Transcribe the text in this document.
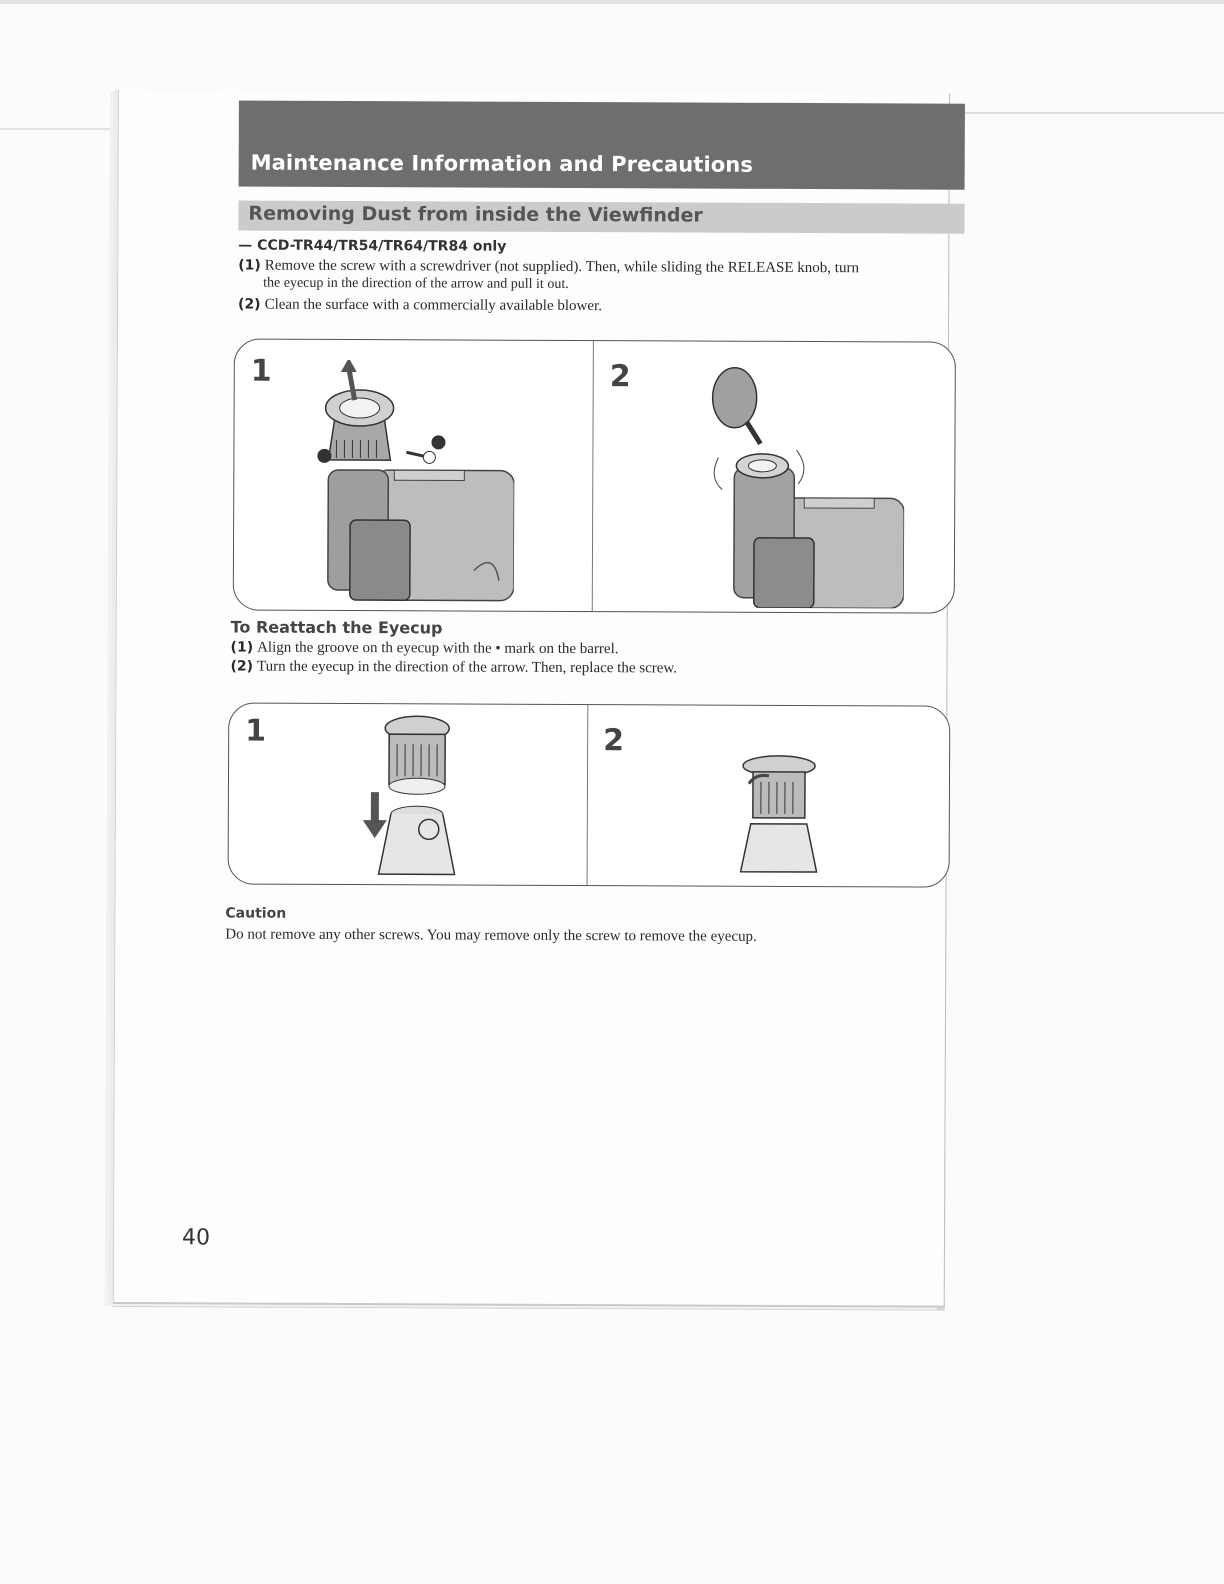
Maintenance Information and Precautions
Removing Dust from inside the Viewfinder
— CCD-TR44/TR54/TR64/TR84 only
(1) Remove the screw with a screwdriver (not supplied). Then, while sliding the RELEASE knob, turn
the eyecup in the direction of the arrow and pull it out.
(2) Clean the surface with a commercially available blower.
1	2
To Reattach the Eyecup
(1) Align the groove on th eyecup with the • mark on the barrel.
(2) Turn the eyecup in the direction of the arrow. Then, replace the screw.
1	2
Caution
Do not remove any other screws. You may remove only the screw to remove the eyecup.
40
